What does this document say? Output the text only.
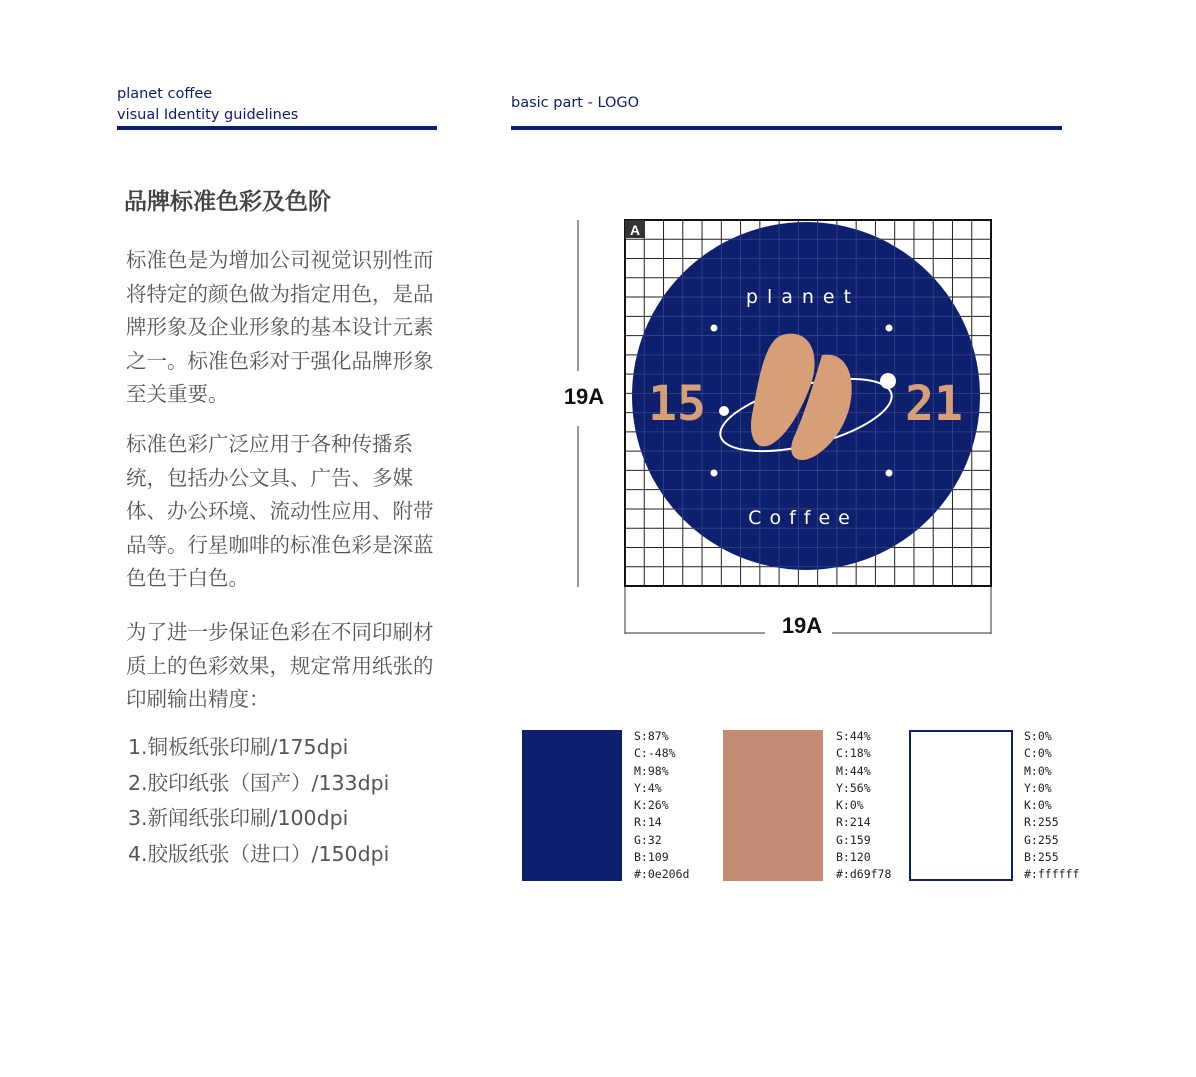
planet coffee
visual Identity guidelines
basic part - LOGO
品牌标准色彩及色阶

标准色是为增加公司视觉识别性而将特定的颜色做为指定用色，是品牌形象及企业形象的基本设计元素之一。标准色彩对于强化品牌形象至关重要。

标准色彩广泛应用于各种传播系统，包括办公文具、广告、多媒体、办公环境、流动性应用、附带品等。行星咖啡的标准色彩是深蓝色色于白色。

为了进一步保证色彩在不同印刷材质上的色彩效果，规定常用纸张的印刷输出精度：

1.铜板纸张印刷/175dpi
2.胶印纸张（国产）/133dpi
3.新闻纸张印刷/100dpi
4.胶版纸张（进口）/150dpi
19A
19A
A
15	21
planet
Coffee
S:87%
C:-48%
M:98%
Y:4%
K:26%
R:14
G:32
B:109
#:0e206d
S:44%
C:18%
M:44%
Y:56%
K:0%
R:214
G:159
B:120
#:d69f78
S:0%
C:0%
M:0%
Y:0%
K:0%
R:255
G:255
B:255
#:ffffff
